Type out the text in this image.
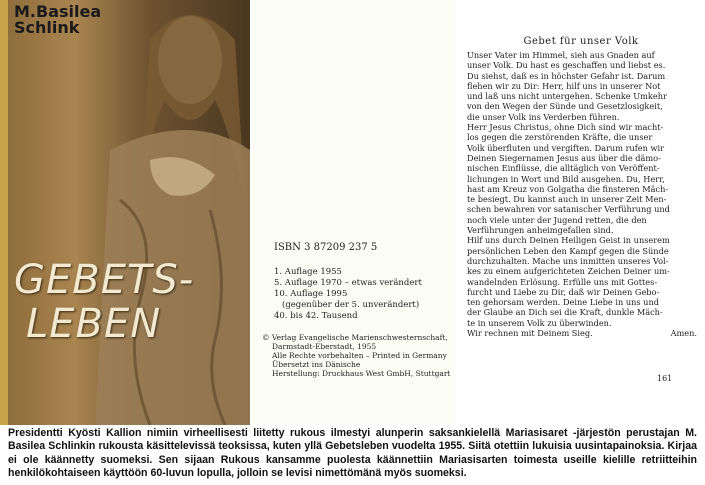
M.Basilea
Schlink
GEBETS-
LEBEN
ISBN 3 87209 237 5
1. Auflage 1955
5. Auflage 1970 – etwas verändert
10. Auflage 1995
(gegenüber der 5. unverändert)
40. bis 42. Tausend
© Verlag Evangelische Marienschwesternschaft,
Darmstadt-Eberstadt, 1955
Alle Rechte vorbehalten – Printed in Germany
Übersetzt ins Dänische
Herstellung: Druckhaus West GmbH, Stuttgart
Gebet für unser Volk

Unser Vater im Himmel, sieh aus Gnaden auf

unser Volk. Du hast es geschaffen und liebst es.

Du siehst, daß es in höchster Gefahr ist. Darum

flehen wir zu Dir: Herr, hilf uns in unserer Not

und laß uns nicht untergehen. Schenke Umkehr

von den Wegen der Sünde und Gesetzlosigkeit,

die unser Volk ins Verderben führen.

Herr Jesus Christus, ohne Dich sind wir macht-

los gegen die zerstörenden Kräfte, die unser

Volk überfluten und vergiften. Darum rufen wir

Deinen Siegernamen Jesus aus über die dämo-

nischen Einflüsse, die alltäglich von Veröffent-

lichungen in Wort und Bild ausgehen. Du, Herr,

hast am Kreuz von Golgatha die finsteren Mäch-

te besiegt. Du kannst auch in unserer Zeit Men-

schen bewahren vor satanischer Verführung und

noch viele unter der Jugend retten, die den

Verführungen anheimgefallen sind.

Hilf uns durch Deinen Heiligen Geist in unserem

persönlichen Leben den Kampf gegen die Sünde

durchzuhalten. Mache uns inmitten unseres Vol-

kes zu einem aufgerichteten Zeichen Deiner um-

wandelnden Erlösung. Erfülle uns mit Gottes-

furcht und Liebe zu Dir, daß wir Deinen Gebo-

ten gehorsam werden. Deine Liebe in uns und

der Glaube an Dich sei die Kraft, dunkle Mäch-

te in unserem Volk zu überwinden.

Wir rechnen mit Deinem Sieg.	Amen.
161
Presidentti Kyösti Kallion nimiin virheellisesti liitetty rukous ilmestyi alunperin saksankielellä Mariasisaret -järjestön perustajan M. Basilea Schlinkin rukousta käsittelevissä teoksissa, kuten yllä Gebetsleben vuodelta 1955. Siitä otettiin lukuisia uusintapainoksia. Kirjaa ei ole käännetty suomeksi. Sen sijaan Rukous kansamme puolesta käännettiin Mariasisarten toimesta useille kielille retriitteihin henkilökohtaiseen käyttöön 60-luvun lopulla, jolloin se levisi nimettömänä myös suomeksi.
